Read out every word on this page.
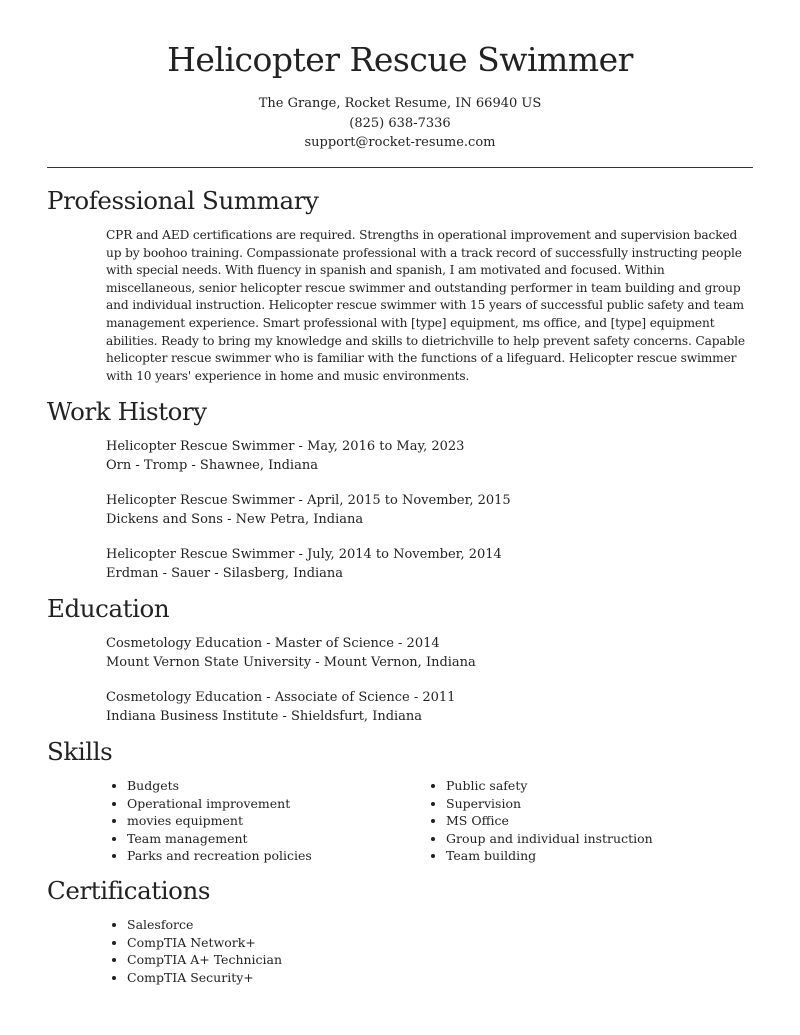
Helicopter Rescue Swimmer
The Grange, Rocket Resume, IN 66940 US
(825) 638-7336
support@rocket-resume.com
Professional Summary
CPR and AED certifications are required. Strengths in operational improvement and supervision backed up by boohoo training. Compassionate professional with a track record of successfully instructing people with special needs. With fluency in spanish and spanish, I am motivated and focused. Within miscellaneous, senior helicopter rescue swimmer and outstanding performer in team building and group and individual instruction. Helicopter rescue swimmer with 15 years of successful public safety and team management experience. Smart professional with [type] equipment, ms office, and [type] equipment abilities. Ready to bring my knowledge and skills to dietrichville to help prevent safety concerns. Capable helicopter rescue swimmer who is familiar with the functions of a lifeguard. Helicopter rescue swimmer with 10 years' experience in home and music environments.
Work History
Helicopter Rescue Swimmer - May, 2016 to May, 2023
Orn - Tromp - Shawnee, Indiana
Helicopter Rescue Swimmer - April, 2015 to November, 2015
Dickens and Sons - New Petra, Indiana
Helicopter Rescue Swimmer - July, 2014 to November, 2014
Erdman - Sauer - Silasberg, Indiana
Education
Cosmetology Education - Master of Science - 2014
Mount Vernon State University - Mount Vernon, Indiana
Cosmetology Education - Associate of Science - 2011
Indiana Business Institute - Shieldsfurt, Indiana
Skills
• Budgets
• Operational improvement
• movies equipment
• Team management
• Parks and recreation policies
• Public safety
• Supervision
• MS Office
• Group and individual instruction
• Team building
Certifications
• Salesforce
• CompTIA Network+
• CompTIA A+ Technician
• CompTIA Security+
